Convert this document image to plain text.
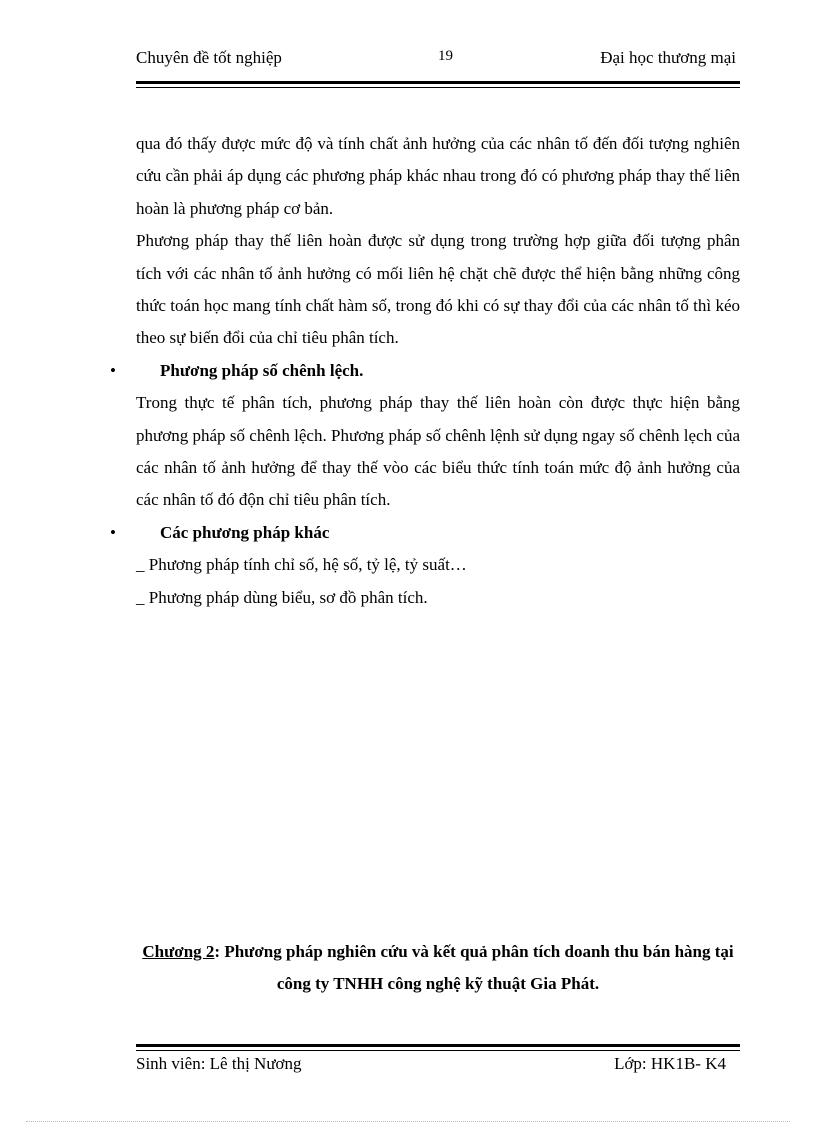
Chuyên đề tốt nghiệp	19	Đại học thương mại

qua đó thấy được mức độ và tính chất ảnh hưởng của các nhân tố đến đối tượng nghiên cứu cần phải áp dụng các phương pháp khác nhau trong đó có phương pháp thay thế liên hoàn là phương pháp cơ bản.

Phương pháp thay thế liên hoàn được sử dụng trong trường hợp giữa đối tượng phân tích với các nhân tố ảnh hưởng có mối liên hệ chặt chẽ được thể hiện bằng những công thức toán học mang tính chất hàm số, trong đó khi có sự thay đổi của các nhân tố thì kéo theo sự biến đổi của chỉ tiêu phân tích.

•	Phương pháp số chênh lệch.

Trong thực tế phân tích, phương pháp thay thế liên hoàn còn được thực hiện bằng phương pháp số chênh lệch. Phương pháp số chênh lệnh sử dụng ngay số chênh lẹch của các nhân tố ảnh hưởng để thay thế vòo các biểu thức tính toán mức độ ảnh hưởng của các nhân tố đó độn chỉ tiêu phân tích.

•	Các phương pháp khác

_ Phương pháp tính chỉ số, hệ số, tỷ lệ, tỷ suất…

_ Phương pháp dùng biểu, sơ đồ phân tích.

Chương 2: Phương pháp nghiên cứu và kết quả phân tích doanh thu bán hàng tại công ty TNHH công nghệ kỹ thuật Gia Phát.
Sinh viên: Lê thị Nương	Lớp: HK1B- K4
